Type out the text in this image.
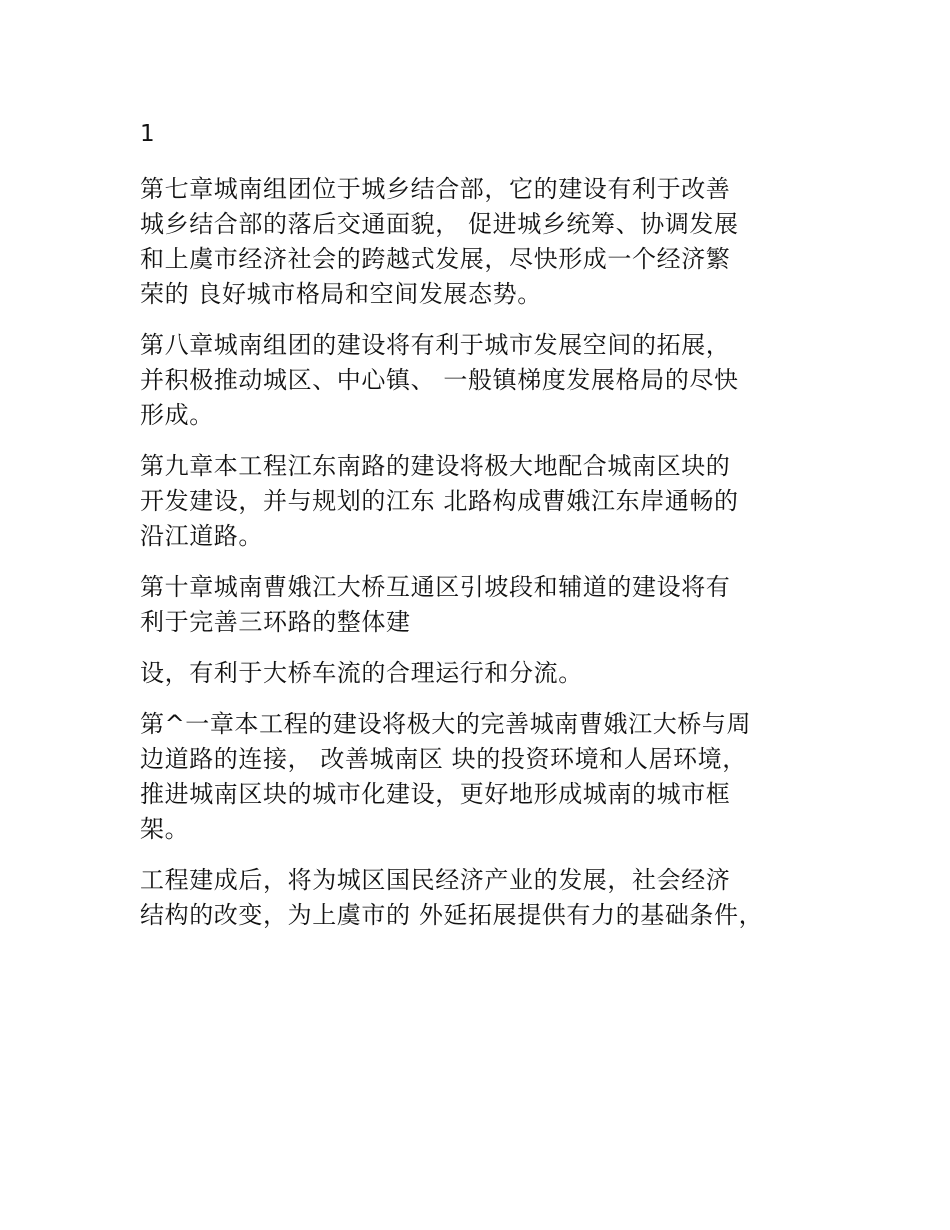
1
第七章城南组团位于城乡结合部，它的建设有利于改善
城乡结合部的落后交通面貌， 促进城乡统筹、协调发展
和上虞市经济社会的跨越式发展，尽快形成一个经济繁
荣的 良好城市格局和空间发展态势。
第八章城南组团的建设将有利于城市发展空间的拓展，
并积极推动城区、中心镇、 一般镇梯度发展格局的尽快
形成。
第九章本工程江东南路的建设将极大地配合城南区块的
开发建设，并与规划的江东 北路构成曹娥江东岸通畅的
沿江道路。
第十章城南曹娥江大桥互通区引坡段和辅道的建设将有
利于完善三环路的整体建
设，有利于大桥车流的合理运行和分流。
第^一章本工程的建设将极大的完善城南曹娥江大桥与周
边道路的连接， 改善城南区 块的投资环境和人居环境，
推进城南区块的城市化建设，更好地形成城南的城市框
架。
工程建成后，将为城区国民经济产业的发展，社会经济
结构的改变，为上虞市的 外延拓展提供有力的基础条件，
